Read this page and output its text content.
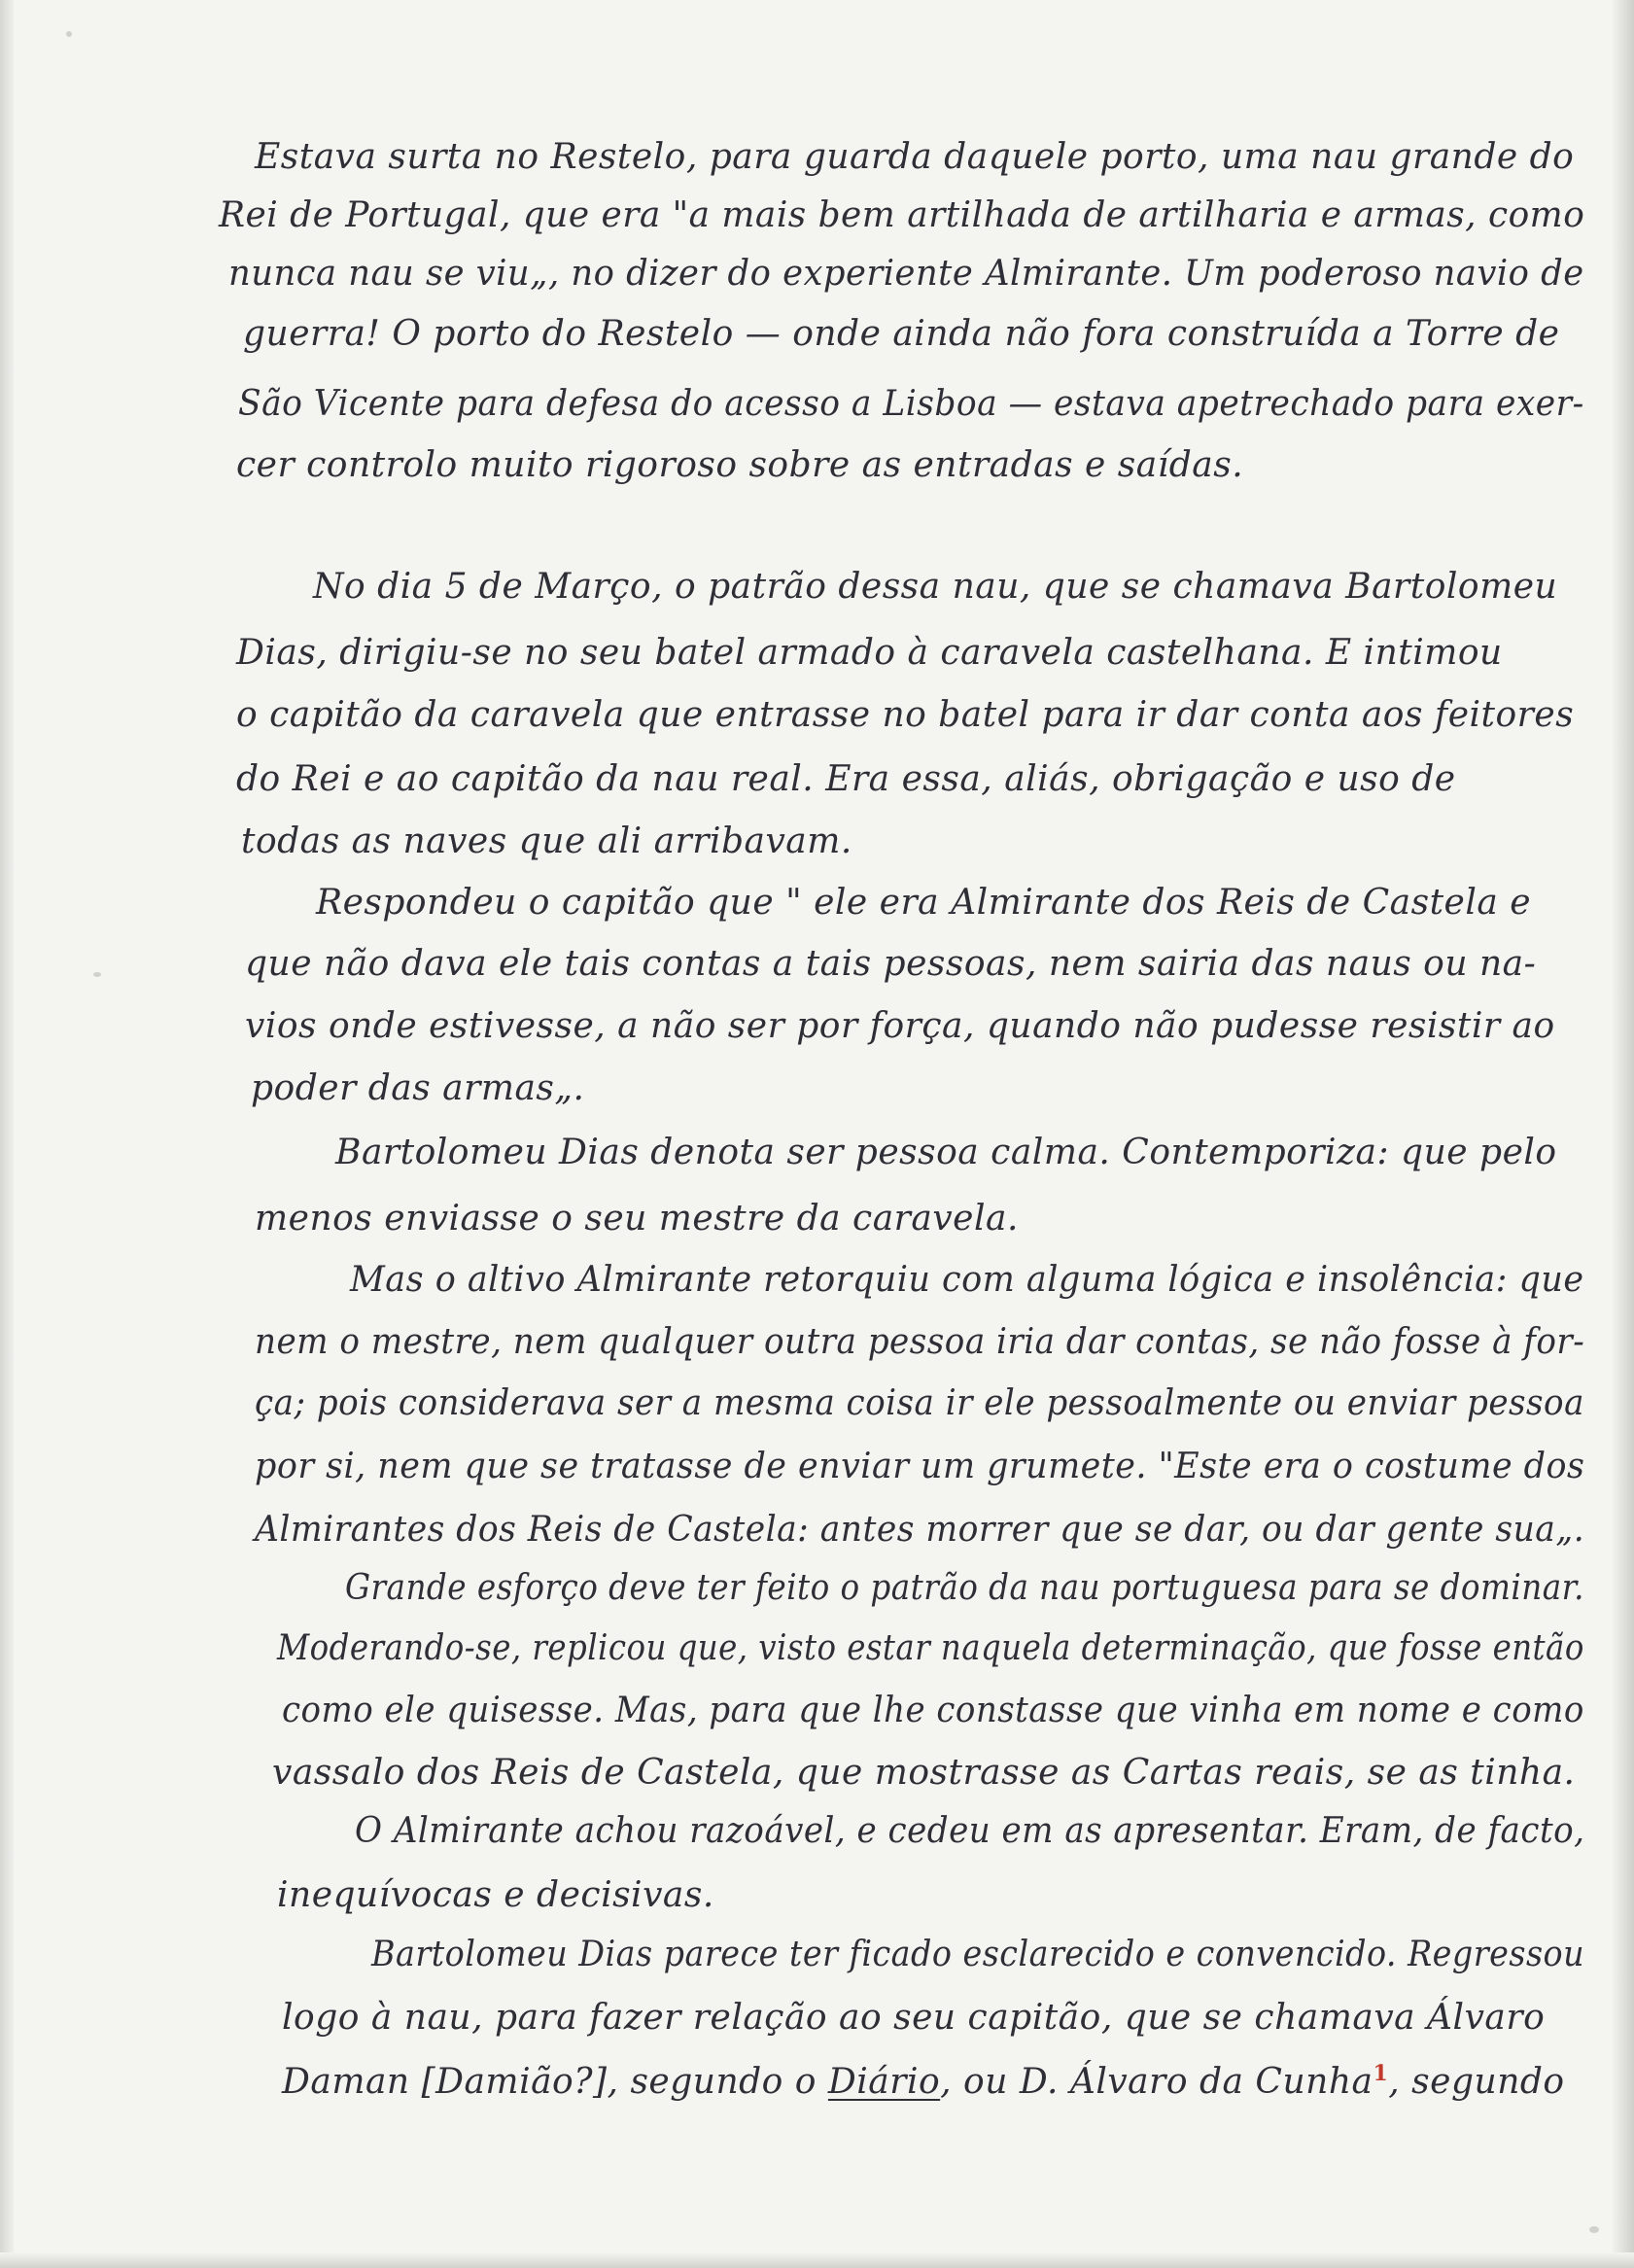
Estava surta no Restelo, para guarda daquele porto, uma nau grande do
Rei de Portugal, que era "a mais bem artilhada de artilharia e armas, como
nunca nau se viu„, no dizer do experiente Almirante. Um poderoso navio de
guerra! O porto do Restelo — onde ainda não fora construída a Torre de
São Vicente para defesa do acesso a Lisboa — estava apetrechado para exer-
cer controlo muito rigoroso sobre as entradas e saídas.
No dia 5 de Março, o patrão dessa nau, que se chamava Bartolomeu
Dias, dirigiu-se no seu batel armado à caravela castelhana. E intimou
o capitão da caravela que entrasse no batel para ir dar conta aos feitores
do Rei e ao capitão da nau real. Era essa, aliás, obrigação e uso de
todas as naves que ali arribavam.
Respondeu o capitão que " ele era Almirante dos Reis de Castela e
que não dava ele tais contas a tais pessoas, nem sairia das naus ou na-
vios onde estivesse, a não ser por força, quando não pudesse resistir ao
poder das armas„.
Bartolomeu Dias denota ser pessoa calma. Contemporiza: que pelo
menos enviasse o seu mestre da caravela.
Mas o altivo Almirante retorquiu com alguma lógica e insolência: que
nem o mestre, nem qualquer outra pessoa iria dar contas, se não fosse à for-
ça; pois considerava ser a mesma coisa ir ele pessoalmente ou enviar pessoa
por si, nem que se tratasse de enviar um grumete. "Este era o costume dos
Almirantes dos Reis de Castela: antes morrer que se dar, ou dar gente sua„.
Grande esforço deve ter feito o patrão da nau portuguesa para se dominar.
Moderando-se, replicou que, visto estar naquela determinação, que fosse então
como ele quisesse. Mas, para que lhe constasse que vinha em nome e como
vassalo dos Reis de Castela, que mostrasse as Cartas reais, se as tinha.
O Almirante achou razoável, e cedeu em as apresentar. Eram, de facto,
inequívocas e decisivas.
Bartolomeu Dias parece ter ficado esclarecido e convencido. Regressou
logo à nau, para fazer relação ao seu capitão, que se chamava Álvaro
Daman [Damião?], segundo o Diário, ou D. Álvaro da Cunha$^1$, segundo
